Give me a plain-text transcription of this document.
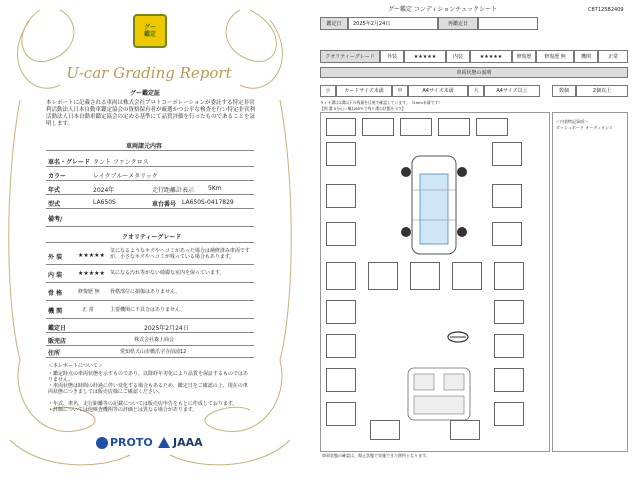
グー
鑑定
U-car Grading Report
グー鑑定証
本レポートに記載される車両は株式会社プロトコーポレーションが委託する特定非営利活動法人日本自動車鑑定協会の資格保有者が厳選かつ公平な検査を行い特定非営利活動法人日本自動車鑑定協会の定める基準にて品質評価を行ったものであることを証明します。
車両諸元内容
車名・グレード タント ファンクロス
カラー	レイクブルーメタリック
年式	2024年	走行距離計表示 5Km
型式	LA650S	車台番号 LA650S-0417829
備考/
クオリティーグレード
外 装	★★★★★
気になるようなキズやヘコミがあった場合は補修済み車両ですが、小さなキズやヘコミが残っている場合もあります。
内 装	★★★★★ 気になる汚れ等がない綺麗な室内を保っています。
骨 格	修復歴 無 骨格部位に損傷はありません。
機 関	正 常	主要機関に不具合はありません。
鑑定日	2025年2月24日
販売店	株式会社森上商会
住所	愛知県犬山市橋爪字寺前浦12
＜本レポートについて＞
・鑑定時点の車両状態を示すものであり、以降経年劣化により品質を保証するものではありません。
・車両状態は時間の経過に伴い変化する場合もあるため、鑑定日をご確認の上、現在の車両状態につきましては販売店様にご確認ください。
・年式、車名、走行距離等の記載については販売店申告をもとに作成しております。
・評価については他検査機関等の評価とは異なる場合があります。
PROTO JAAA
グー鑑定 コンディションチェックシート	C87125B2409
鑑定日	2025年2月24日	再鑑定日
クオリティーグレード	外装	★★★★★	内装	★★★★★	修復歴	修復歴 無	機関	正常
車両状態の説明
小	カードサイズ未満	中	A4サイズ未満	大	A4サイズ以上	数個	2個以上
タイヤ溝は2溝以下の残量を目視で確認しています。（5mm未満です）
【例 溝 5分山＝概ね60％で残り溝の状態を示す】
＜内装特記事項＞
ダッシュボード オーディオレス
車両状態の確認は、傷止状態で実施できた箇所となります。
